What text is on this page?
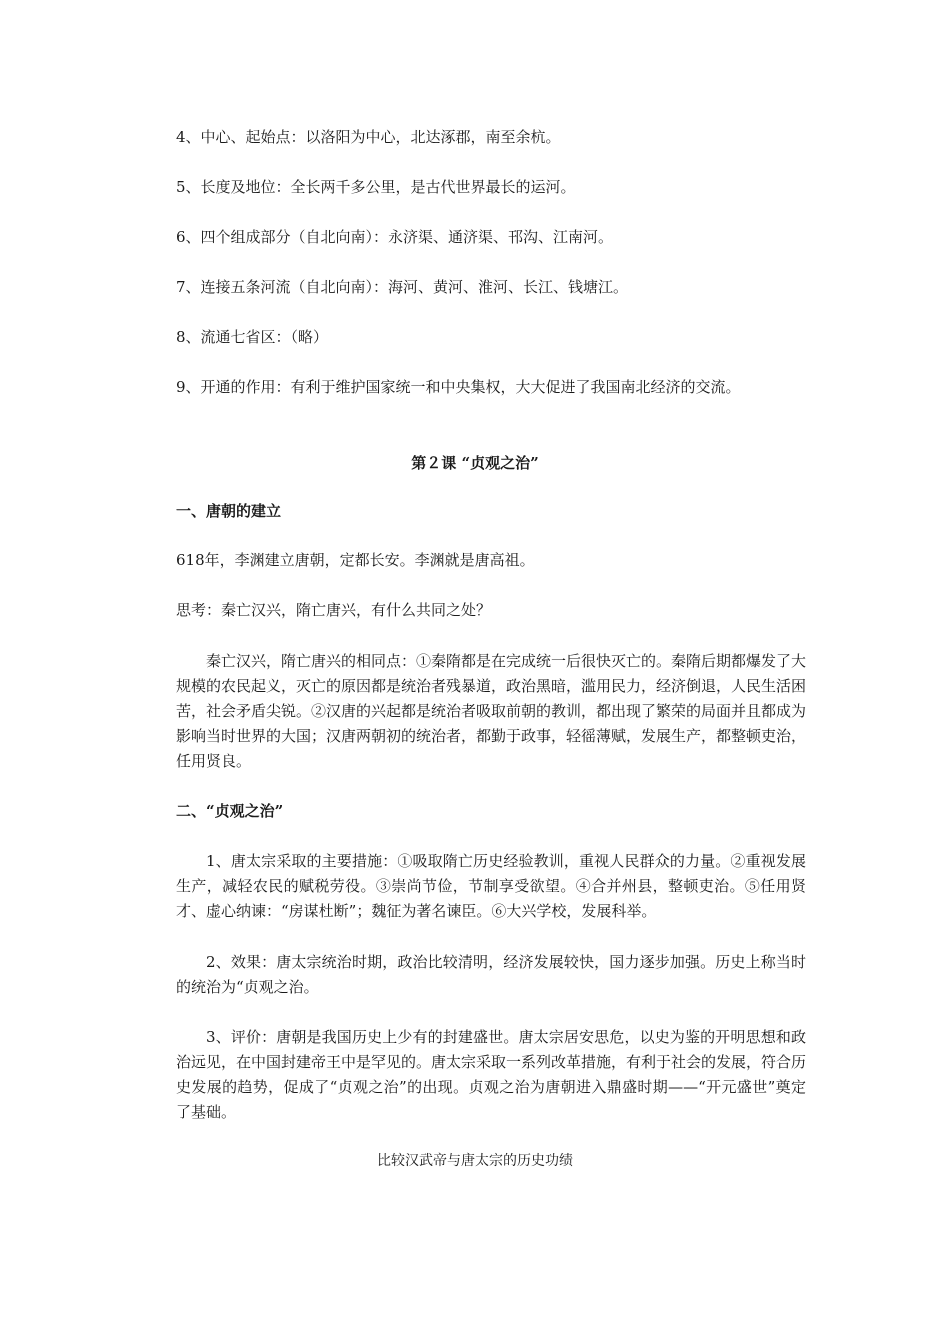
4、中心、起始点：以洛阳为中心，北达涿郡，南至余杭。

5、长度及地位：全长两千多公里，是古代世界最长的运河。

6、四个组成部分（自北向南）：永济渠、通济渠、邗沟、江南河。

7、连接五条河流（自北向南）：海河、黄河、淮河、长江、钱塘江。

8、流通七省区：（略）

9、开通的作用：有利于维护国家统一和中央集权，大大促进了我国南北经济的交流。

第２课 “贞观之治”

一、唐朝的建立

618年，李渊建立唐朝，定都长安。李渊就是唐高祖。

思考：秦亡汉兴，隋亡唐兴，有什么共同之处？

秦亡汉兴，隋亡唐兴的相同点：①秦隋都是在完成统一后很快灭亡的。秦隋后期都爆发了大规模的农民起义，灭亡的原因都是统治者残暴道，政治黑暗，滥用民力，经济倒退，人民生活困苦，社会矛盾尖锐。②汉唐的兴起都是统治者吸取前朝的教训，都出现了繁荣的局面并且都成为影响当时世界的大国；汉唐两朝初的统治者，都勤于政事，轻徭薄赋，发展生产，都整顿吏治，任用贤良。

二、“贞观之治”

1、唐太宗采取的主要措施：①吸取隋亡历史经验教训，重视人民群众的力量。②重视发展生产，减轻农民的赋税劳役。③崇尚节俭，节制享受欲望。④合并州县，整顿吏治。⑤任用贤才、虚心纳谏：“房谋杜断”；魏征为著名谏臣。⑥大兴学校，发展科举。

2、效果：唐太宗统治时期，政治比较清明，经济发展较快，国力逐步加强。历史上称当时的统治为“贞观之治。

3、评价：唐朝是我国历史上少有的封建盛世。唐太宗居安思危，以史为鉴的开明思想和政治远见，在中国封建帝王中是罕见的。唐太宗采取一系列改革措施，有利于社会的发展，符合历史发展的趋势，促成了“贞观之治”的出现。贞观之治为唐朝进入鼎盛时期——“开元盛世”奠定了基础。

比较汉武帝与唐太宗的历史功绩
